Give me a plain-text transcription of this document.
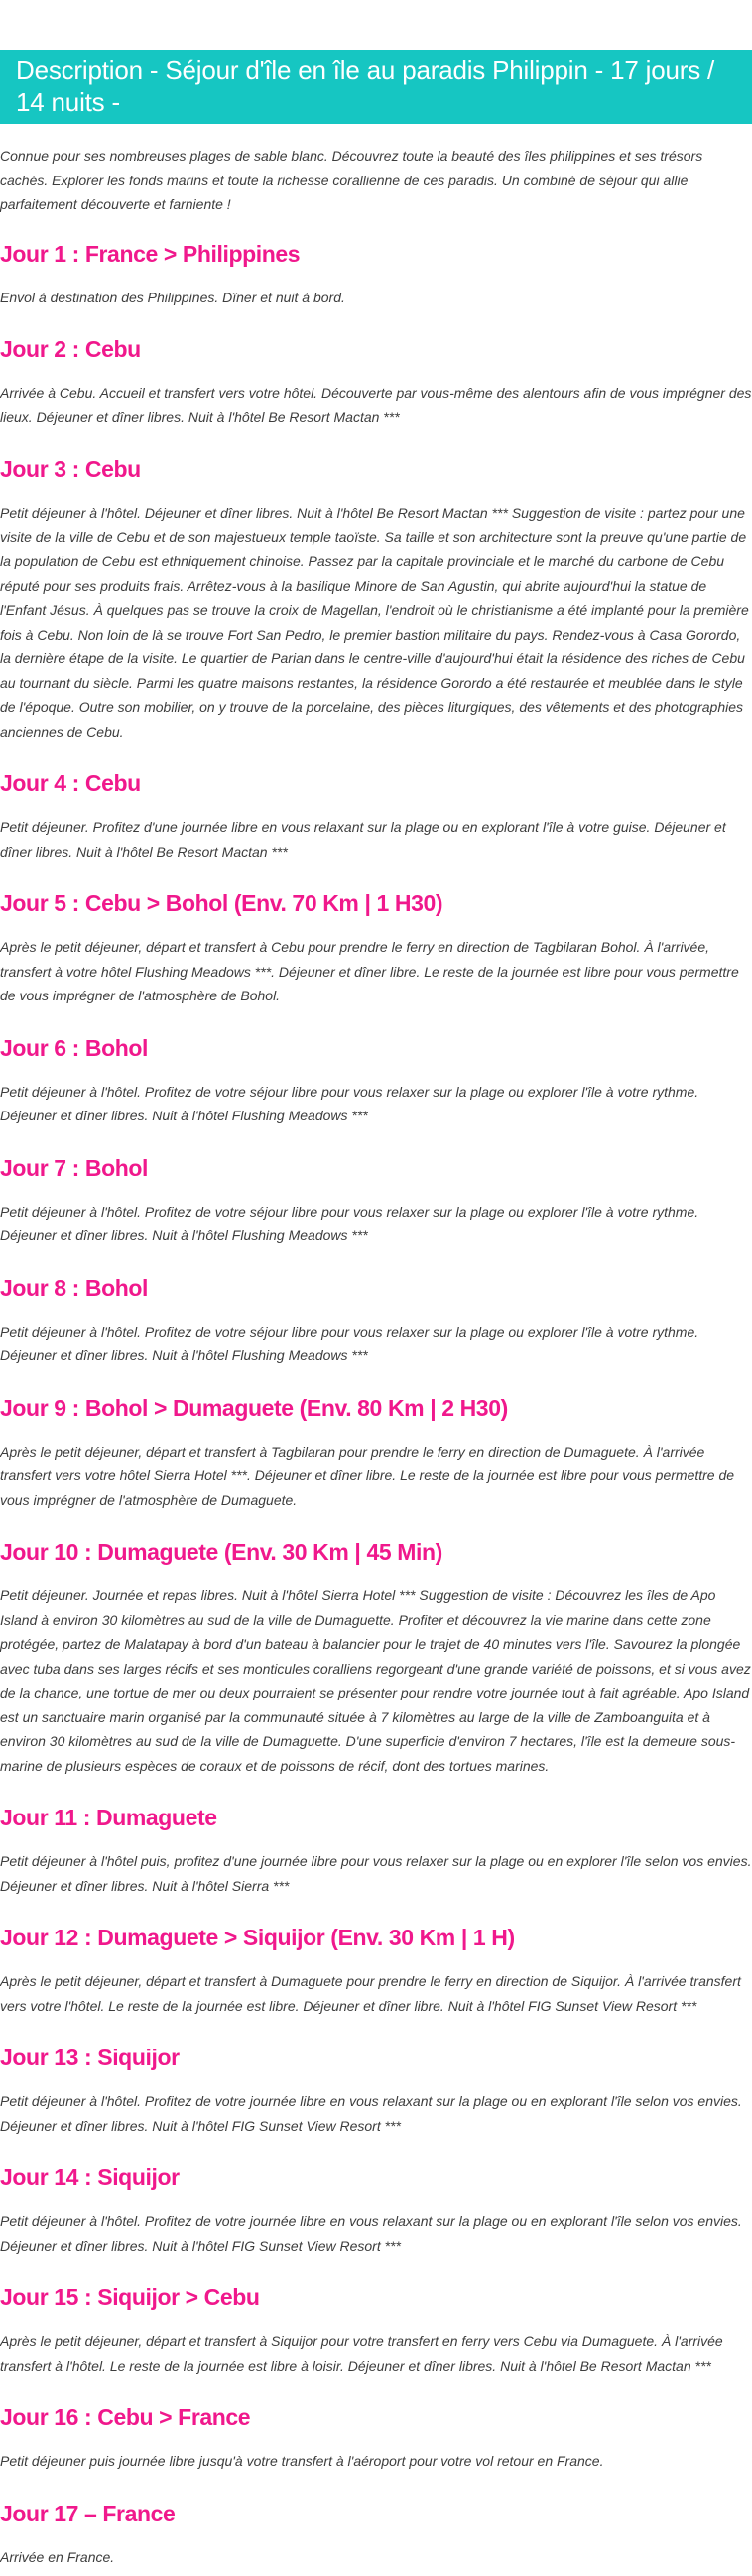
Description - Séjour d'île en île au paradis Philippin - 17 jours / 14 nuits -

Connue pour ses nombreuses plages de sable blanc. Découvrez toute la beauté des îles philippines et ses trésors cachés. Explorer les fonds marins et toute la richesse corallienne de ces paradis. Un combiné de séjour qui allie parfaitement découverte et farniente !

Jour 1 : France > Philippines

Envol à destination des Philippines. Dîner et nuit à bord.

Jour 2 : Cebu

Arrivée à Cebu. Accueil et transfert vers votre hôtel. Découverte par vous-même des alentours afin de vous imprégner des lieux. Déjeuner et dîner libres. Nuit à l'hôtel Be Resort Mactan ***

Jour 3 : Cebu

Petit déjeuner à l'hôtel. Déjeuner et dîner libres. Nuit à l'hôtel Be Resort Mactan *** Suggestion de visite : partez pour une visite de la ville de Cebu et de son majestueux temple taoïste. Sa taille et son architecture sont la preuve qu'une partie de la population de Cebu est ethniquement chinoise. Passez par la capitale provinciale et le marché du carbone de Cebu réputé pour ses produits frais. Arrêtez-vous à la basilique Minore de San Agustin, qui abrite aujourd'hui la statue de l'Enfant Jésus. À quelques pas se trouve la croix de Magellan, l'endroit où le christianisme a été implanté pour la première fois à Cebu. Non loin de là se trouve Fort San Pedro, le premier bastion militaire du pays. Rendez-vous à Casa Gorordo, la dernière étape de la visite. Le quartier de Parian dans le centre-ville d'aujourd'hui était la résidence des riches de Cebu au tournant du siècle. Parmi les quatre maisons restantes, la résidence Gorordo a été restaurée et meublée dans le style de l'époque. Outre son mobilier, on y trouve de la porcelaine, des pièces liturgiques, des vêtements et des photographies anciennes de Cebu.

Jour 4 : Cebu

Petit déjeuner. Profitez d'une journée libre en vous relaxant sur la plage ou en explorant l'île à votre guise. Déjeuner et dîner libres. Nuit à l'hôtel Be Resort Mactan ***

Jour 5 : Cebu > Bohol (Env. 70 Km | 1 H30)

Après le petit déjeuner, départ et transfert à Cebu pour prendre le ferry en direction de Tagbilaran Bohol. À l'arrivée, transfert à votre hôtel Flushing Meadows ***. Déjeuner et dîner libre. Le reste de la journée est libre pour vous permettre de vous imprégner de l'atmosphère de Bohol.

Jour 6 : Bohol

Petit déjeuner à l'hôtel. Profitez de votre séjour libre pour vous relaxer sur la plage ou explorer l'île à votre rythme. Déjeuner et dîner libres. Nuit à l'hôtel Flushing Meadows ***

Jour 7 : Bohol

Petit déjeuner à l'hôtel. Profitez de votre séjour libre pour vous relaxer sur la plage ou explorer l'île à votre rythme. Déjeuner et dîner libres. Nuit à l'hôtel Flushing Meadows ***

Jour 8 : Bohol

Petit déjeuner à l'hôtel. Profitez de votre séjour libre pour vous relaxer sur la plage ou explorer l'île à votre rythme. Déjeuner et dîner libres. Nuit à l'hôtel Flushing Meadows ***

Jour 9 : Bohol > Dumaguete (Env. 80 Km | 2 H30)

Après le petit déjeuner, départ et transfert à Tagbilaran pour prendre le ferry en direction de Dumaguete. À l'arrivée transfert vers votre hôtel Sierra Hotel ***. Déjeuner et dîner libre. Le reste de la journée est libre pour vous permettre de vous imprégner de l'atmosphère de Dumaguete.

Jour 10 : Dumaguete (Env. 30 Km | 45 Min)

Petit déjeuner. Journée et repas libres. Nuit à l'hôtel Sierra Hotel *** Suggestion de visite : Découvrez les îles de Apo Island à environ 30 kilomètres au sud de la ville de Dumaguette. Profiter et découvrez la vie marine dans cette zone protégée, partez de Malatapay à bord d'un bateau à balancier pour le trajet de 40 minutes vers l'île. Savourez la plongée avec tuba dans ses larges récifs et ses monticules coralliens regorgeant d'une grande variété de poissons, et si vous avez de la chance, une tortue de mer ou deux pourraient se présenter pour rendre votre journée tout à fait agréable. Apo Island est un sanctuaire marin organisé par la communauté située à 7 kilomètres au large de la ville de Zamboanguita et à environ 30 kilomètres au sud de la ville de Dumaguette. D'une superficie d'environ 7 hectares, l'île est la demeure sous-marine de plusieurs espèces de coraux et de poissons de récif, dont des tortues marines.

Jour 11 : Dumaguete

Petit déjeuner à l'hôtel puis, profitez d'une journée libre pour vous relaxer sur la plage ou en explorer l'île selon vos envies. Déjeuner et dîner libres. Nuit à l'hôtel Sierra ***

Jour 12 : Dumaguete > Siquijor (Env. 30 Km | 1 H)

Après le petit déjeuner, départ et transfert à Dumaguete pour prendre le ferry en direction de Siquijor. À l'arrivée transfert vers votre l'hôtel. Le reste de la journée est libre. Déjeuner et dîner libre. Nuit à l'hôtel FIG Sunset View Resort ***

Jour 13 : Siquijor

Petit déjeuner à l'hôtel. Profitez de votre journée libre en vous relaxant sur la plage ou en explorant l'île selon vos envies. Déjeuner et dîner libres. Nuit à l'hôtel FIG Sunset View Resort ***

Jour 14 : Siquijor

Petit déjeuner à l'hôtel. Profitez de votre journée libre en vous relaxant sur la plage ou en explorant l'île selon vos envies. Déjeuner et dîner libres. Nuit à l'hôtel FIG Sunset View Resort ***

Jour 15 : Siquijor > Cebu

Après le petit déjeuner, départ et transfert à Siquijor pour votre transfert en ferry vers Cebu via Dumaguete. À l'arrivée transfert à l'hôtel. Le reste de la journée est libre à loisir. Déjeuner et dîner libres. Nuit à l'hôtel Be Resort Mactan ***

Jour 16 : Cebu > France

Petit déjeuner puis journée libre jusqu'à votre transfert à l'aéroport pour votre vol retour en France.

Jour 17 – France

Arrivée en France.
